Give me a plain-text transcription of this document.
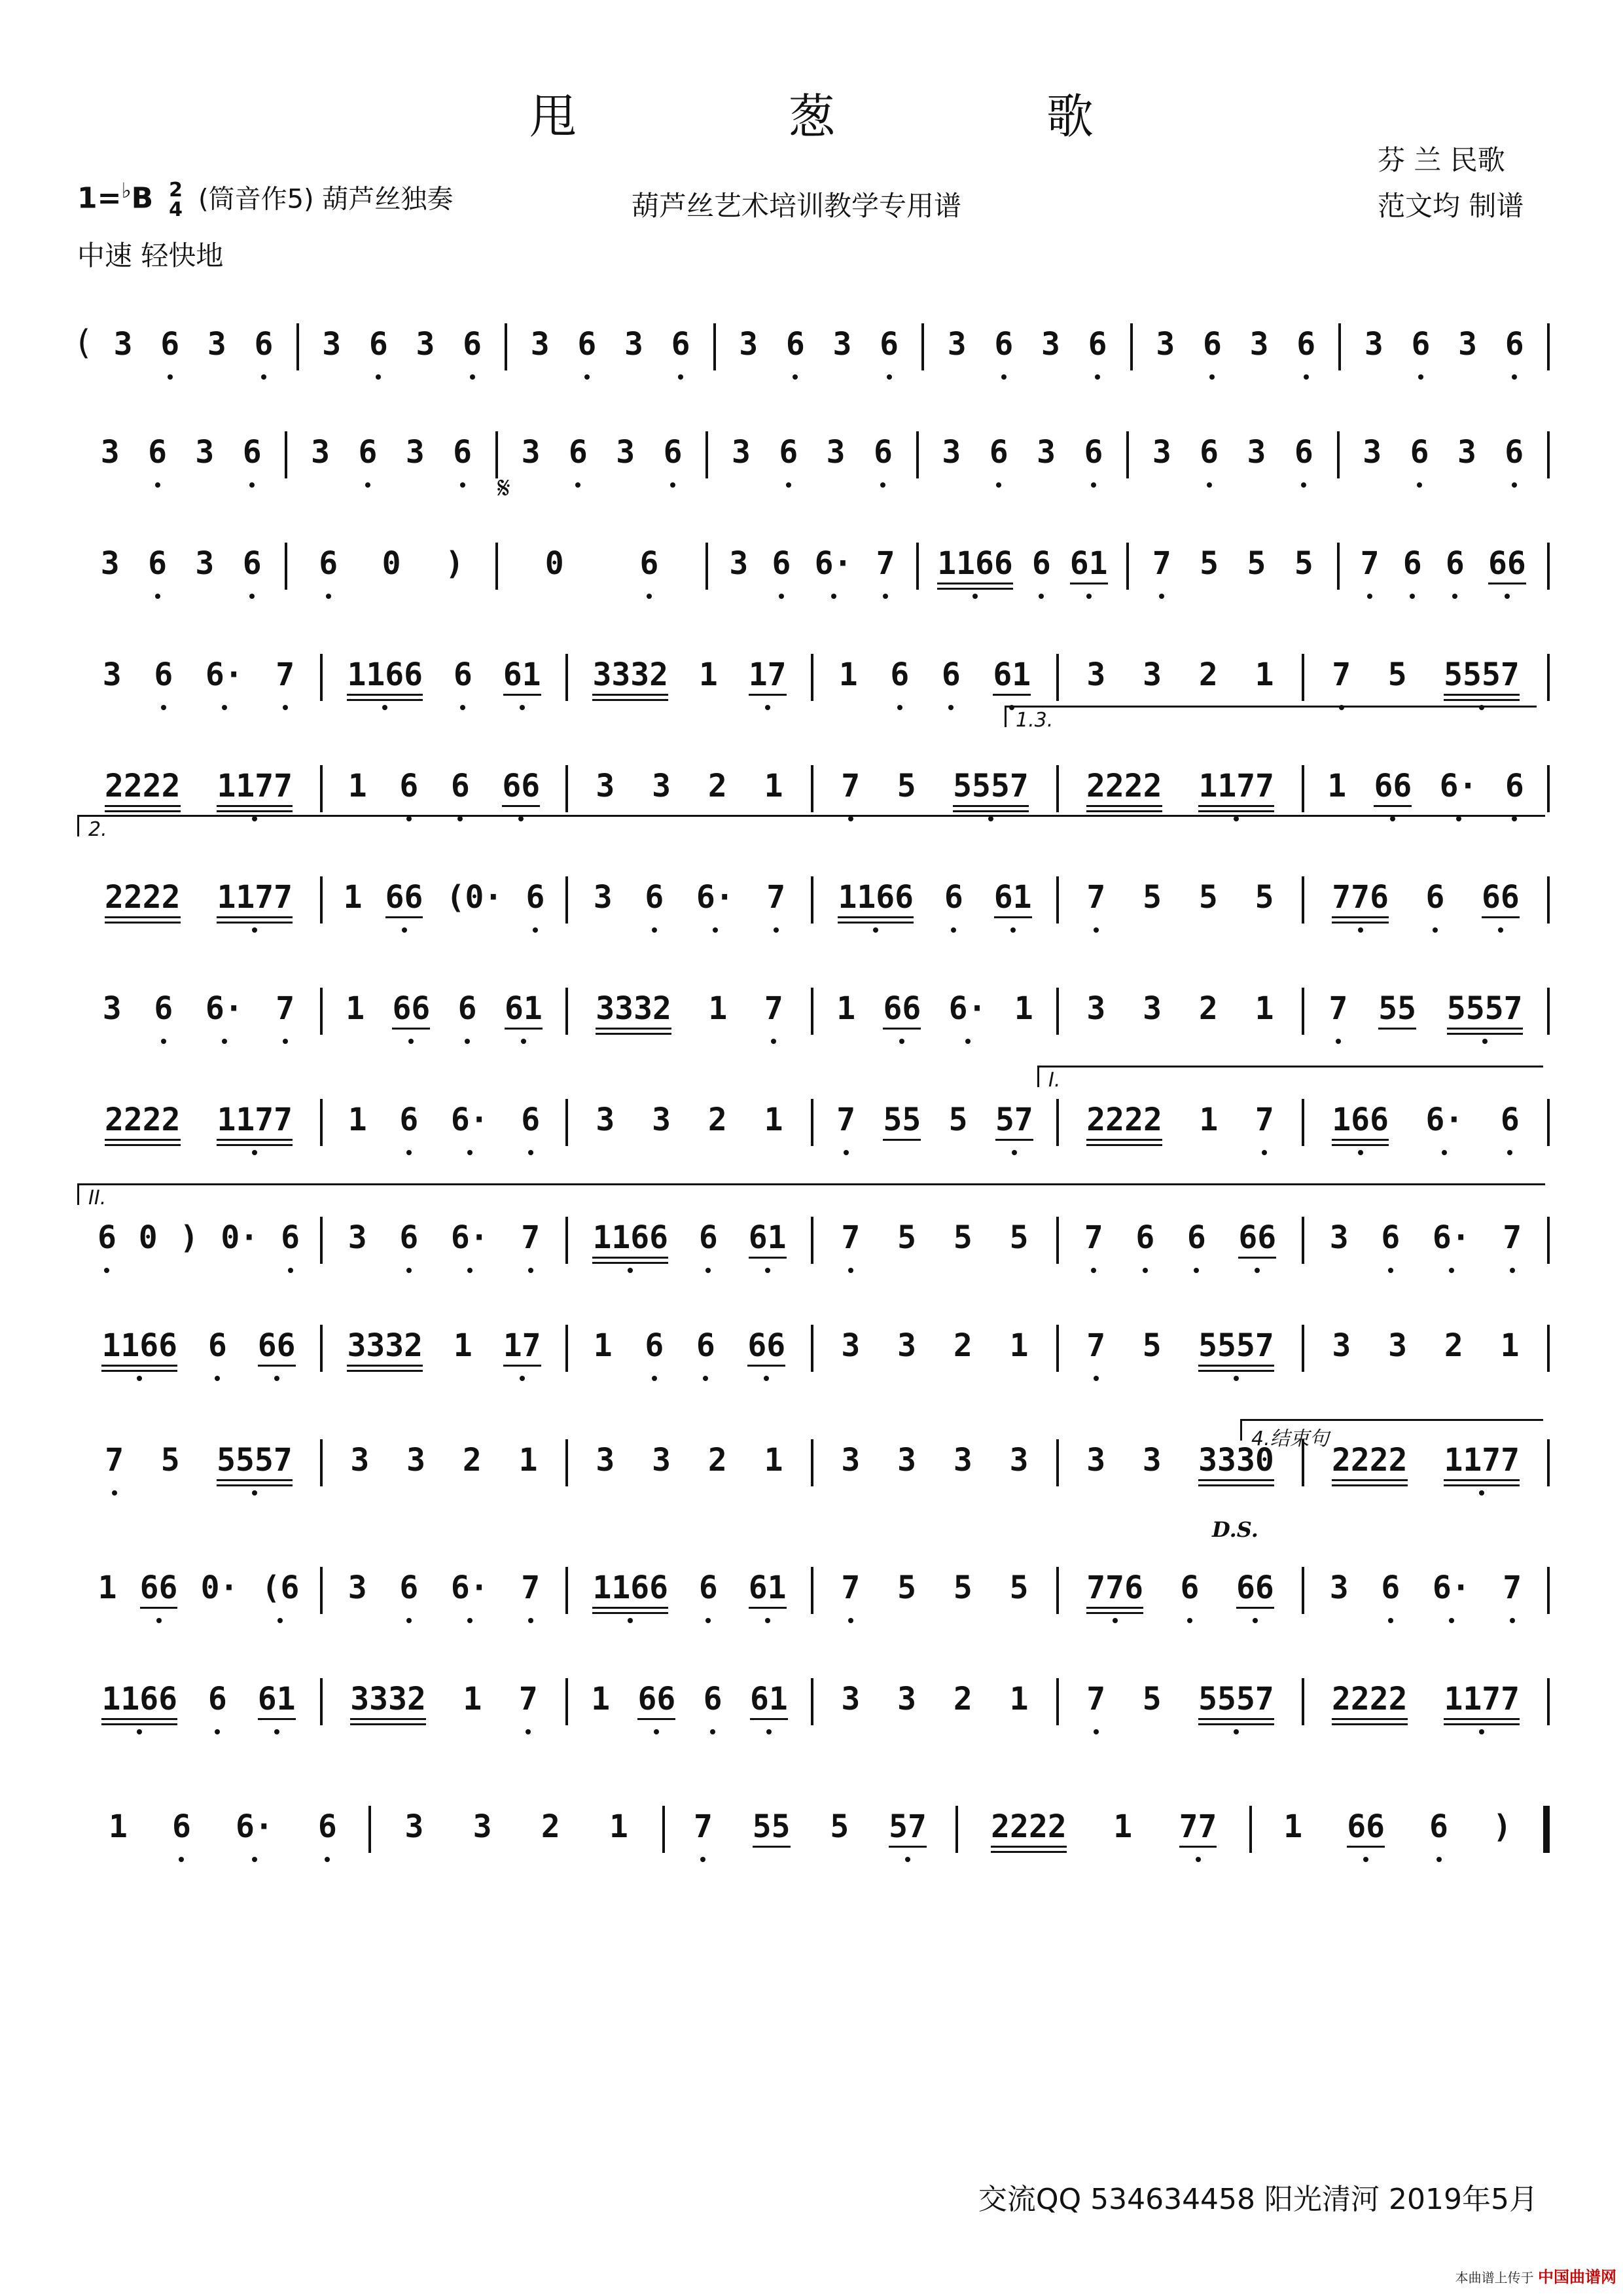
甩 葱 歌
1=♭B 2
4 (筒音作5) 葫芦丝独奏	葫芦丝艺术培训教学专用谱
芬 兰 民歌
范文均 制谱
中速 轻快地
( 3 6 3 6 3 6 3 6 3 6 3 6 3 6 3 6 3 6 3 6 3 6 3 6 3 6 3 6
3 6 3 6 3 6 3 6 3 6 3 6 3 6 3 6 3 6 3 6 3 6 3 6 3 6 3 6
3 6 3 6 6 0 )	0 6 3 6 6· 7 1166 6 61 7 5 5 5 7 6 6 66
3 6 6· 7 1166 6 61 3332 1 17 1 6 6 61 3 3 2 1 7 5 5557
2222 1177 1 6 6 66 3 3 2 1 7 5 5557 2222 1177 1 66 6· 6
2222 1177 1 66 (0· 6 3 6 6· 7 1166 6 61 7 5 5 5 776 6 66
3 6 6· 7 1 66 6 61 3332 1 7 1 66 6· 1 3 3 2 1 7 55 5557
2222 1177 1 6 6· 6 3 3 2 1 7 55 5 57 2222 1 7 166 6· 6
6 0 ) 0· 6 3 6 6· 7 1166 6 61 7 5 5 5 7 6 6 66 3 6 6· 7
1166 6 66 3332 1 17 1 6 6 66 3 3 2 1 7 5 5557 3 3 2 1
7 5 5557 3 3 2 1 3 3 2 1 3 3 3 3 3 3 3330 2222 1177
1 66 0· (6 3 6 6· 7 1166 6 61 7 5 5 5 776 6 66 3 6 6· 7
1166 6 61 3332 1 7 1 66 6 61 3 3 2 1 7 5 5557 2222 1177
1 6 6· 6 3 3 2 1 7 55 5 57 2222 1 77 1 66 6 )
𝄋
1.3.
2.
I.
II.
4.结束句
D.S.
交流QQ 534634458 阳光清河 2019年5月
本曲谱上传于 中国曲谱网
